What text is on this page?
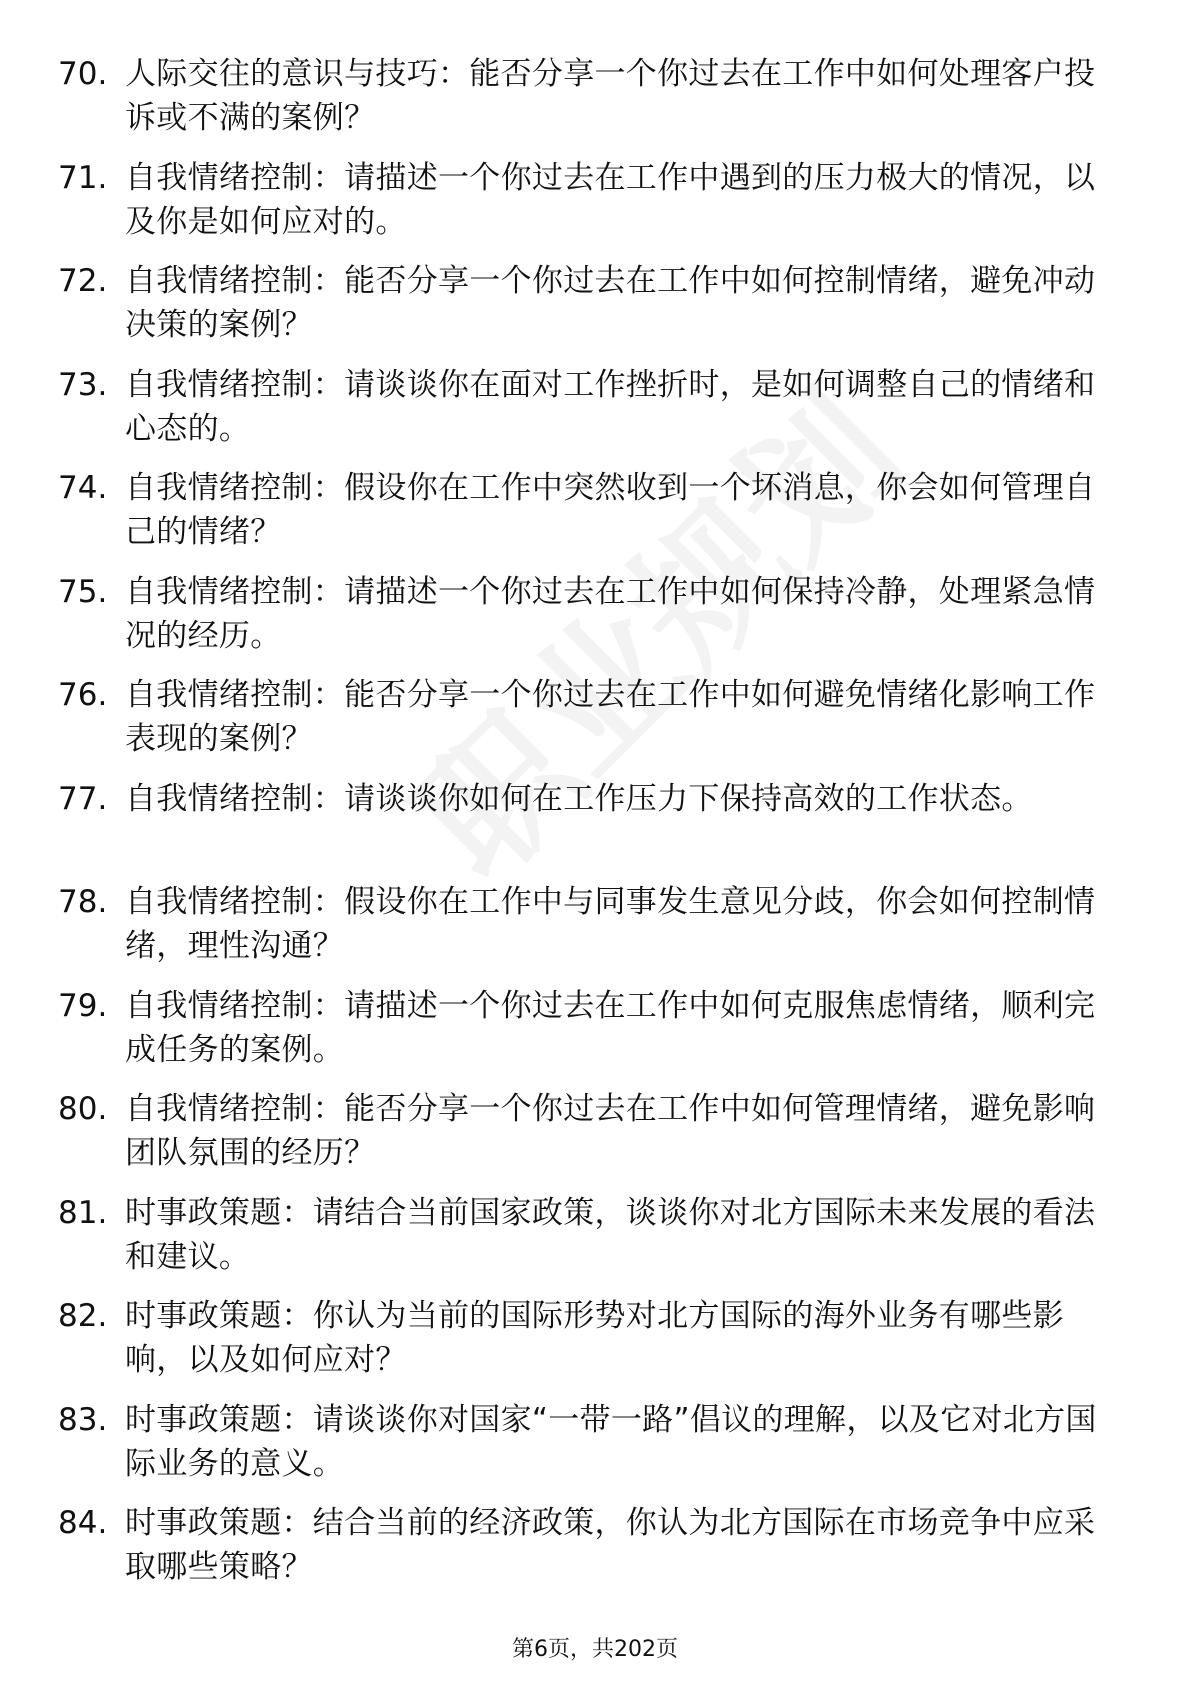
70. 人际交往的意识与技巧：能否分享一个你过去在工作中如何处理客户投诉或不满的案例？
71. 自我情绪控制：请描述一个你过去在工作中遇到的压力极大的情况，以及你是如何应对的。
72. 自我情绪控制：能否分享一个你过去在工作中如何控制情绪，避免冲动决策的案例？
73. 自我情绪控制：请谈谈你在面对工作挫折时，是如何调整自己的情绪和心态的。
74. 自我情绪控制：假设你在工作中突然收到一个坏消息，你会如何管理自己的情绪？
75. 自我情绪控制：请描述一个你过去在工作中如何保持冷静，处理紧急情况的经历。
76. 自我情绪控制：能否分享一个你过去在工作中如何避免情绪化影响工作表现的案例？
77. 自我情绪控制：请谈谈你如何在工作压力下保持高效的工作状态。
78. 自我情绪控制：假设你在工作中与同事发生意见分歧，你会如何控制情绪，理性沟通？
79. 自我情绪控制：请描述一个你过去在工作中如何克服焦虑情绪，顺利完成任务的案例。
80. 自我情绪控制：能否分享一个你过去在工作中如何管理情绪，避免影响团队氛围的经历？
81. 时事政策题：请结合当前国家政策，谈谈你对北方国际未来发展的看法和建议。
82. 时事政策题：你认为当前的国际形势对北方国际的海外业务有哪些影响，以及如何应对？
83. 时事政策题：请谈谈你对国家“一带一路”倡议的理解，以及它对北方国际业务的意义。
84. 时事政策题：结合当前的经济政策，你认为北方国际在市场竞争中应采取哪些策略？
第6页，共202页
